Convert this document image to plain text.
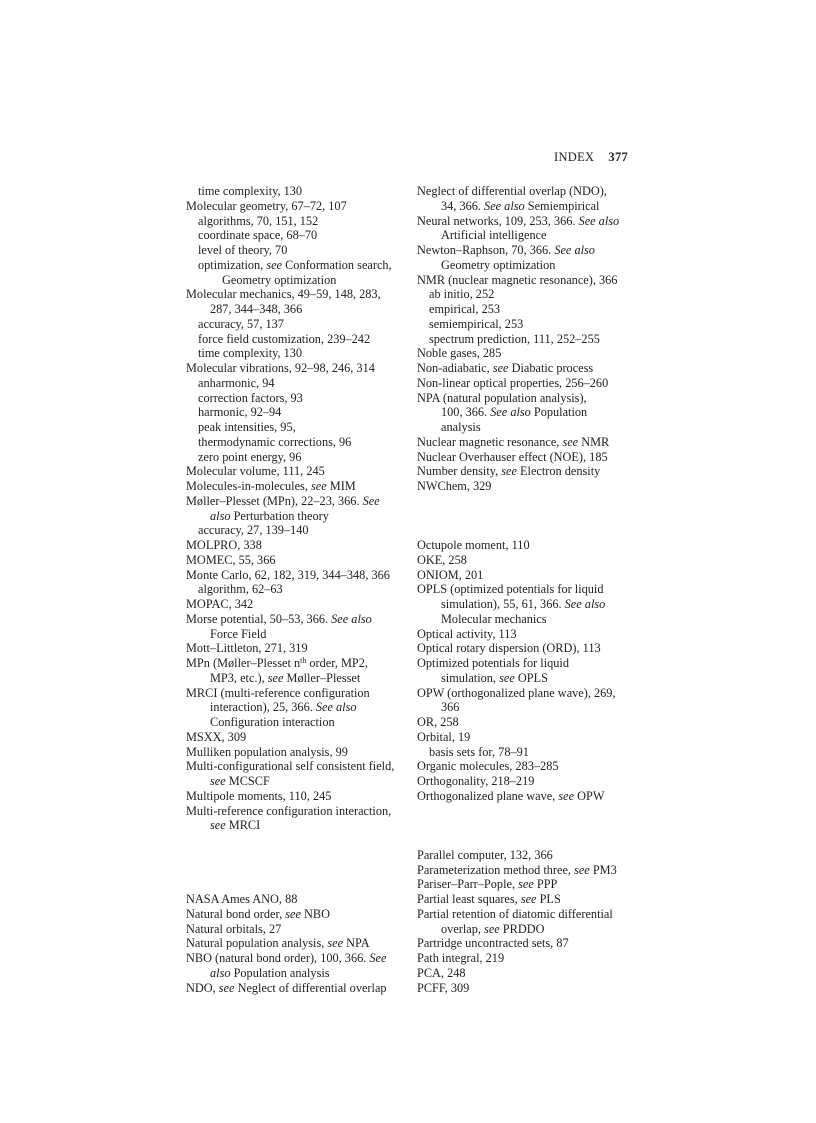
INDEX 377
time complexity, 130
Molecular geometry, 67–72, 107
algorithms, 70, 151, 152
coordinate space, 68–70
level of theory, 70
optimization, see Conformation search,
Geometry optimization
Molecular mechanics, 49–59, 148, 283,
287, 344–348, 366
accuracy, 57, 137
force field customization, 239–242
time complexity, 130
Molecular vibrations, 92–98, 246, 314
anharmonic, 94
correction factors, 93
harmonic, 92–94
peak intensities, 95,
thermodynamic corrections, 96
zero point energy, 96
Molecular volume, 111, 245
Molecules-in-molecules, see MIM
Møller–Plesset (MPn), 22–23, 366. See
also Perturbation theory
accuracy, 27, 139–140
MOLPRO, 338
MOMEC, 55, 366
Monte Carlo, 62, 182, 319, 344–348, 366
algorithm, 62–63
MOPAC, 342
Morse potential, 50–53, 366. See also
Force Field
Mott–Littleton, 271, 319
MPn (Møller–Plesset $n^{th}$ order, MP2,
MP3, etc.), see Møller–Plesset
MRCI (multi-reference configuration
interaction), 25, 366. See also
Configuration interaction
MSXX, 309
Mulliken population analysis, 99
Multi-configurational self consistent field,
see MCSCF
Multipole moments, 110, 245
Multi-reference configuration interaction,
see MRCI
NASA Ames ANO, 88
Natural bond order, see NBO
Natural orbitals, 27
Natural population analysis, see NPA
NBO (natural bond order), 100, 366. See
also Population analysis
NDO, see Neglect of differential overlap
Neglect of differential overlap (NDO),
34, 366. See also Semiempirical
Neural networks, 109, 253, 366. See also
Artificial intelligence
Newton–Raphson, 70, 366. See also
Geometry optimization
NMR (nuclear magnetic resonance), 366
ab initio, 252
empirical, 253
semiempirical, 253
spectrum prediction, 111, 252–255
Noble gases, 285
Non-adiabatic, see Diabatic process
Non-linear optical properties, 256–260
NPA (natural population analysis),
100, 366. See also Population
analysis
Nuclear magnetic resonance, see NMR
Nuclear Overhauser effect (NOE), 185
Number density, see Electron density
NWChem, 329
Octupole moment, 110
OKE, 258
ONIOM, 201
OPLS (optimized potentials for liquid
simulation), 55, 61, 366. See also
Molecular mechanics
Optical activity, 113
Optical rotary dispersion (ORD), 113
Optimized potentials for liquid
simulation, see OPLS
OPW (orthogonalized plane wave), 269,
366
OR, 258
Orbital, 19
basis sets for, 78–91
Organic molecules, 283–285
Orthogonality, 218–219
Orthogonalized plane wave, see OPW
Parallel computer, 132, 366
Parameterization method three, see PM3
Pariser–Parr–Pople, see PPP
Partial least squares, see PLS
Partial retention of diatomic differential
overlap, see PRDDO
Partridge uncontracted sets, 87
Path integral, 219
PCA, 248
PCFF, 309
